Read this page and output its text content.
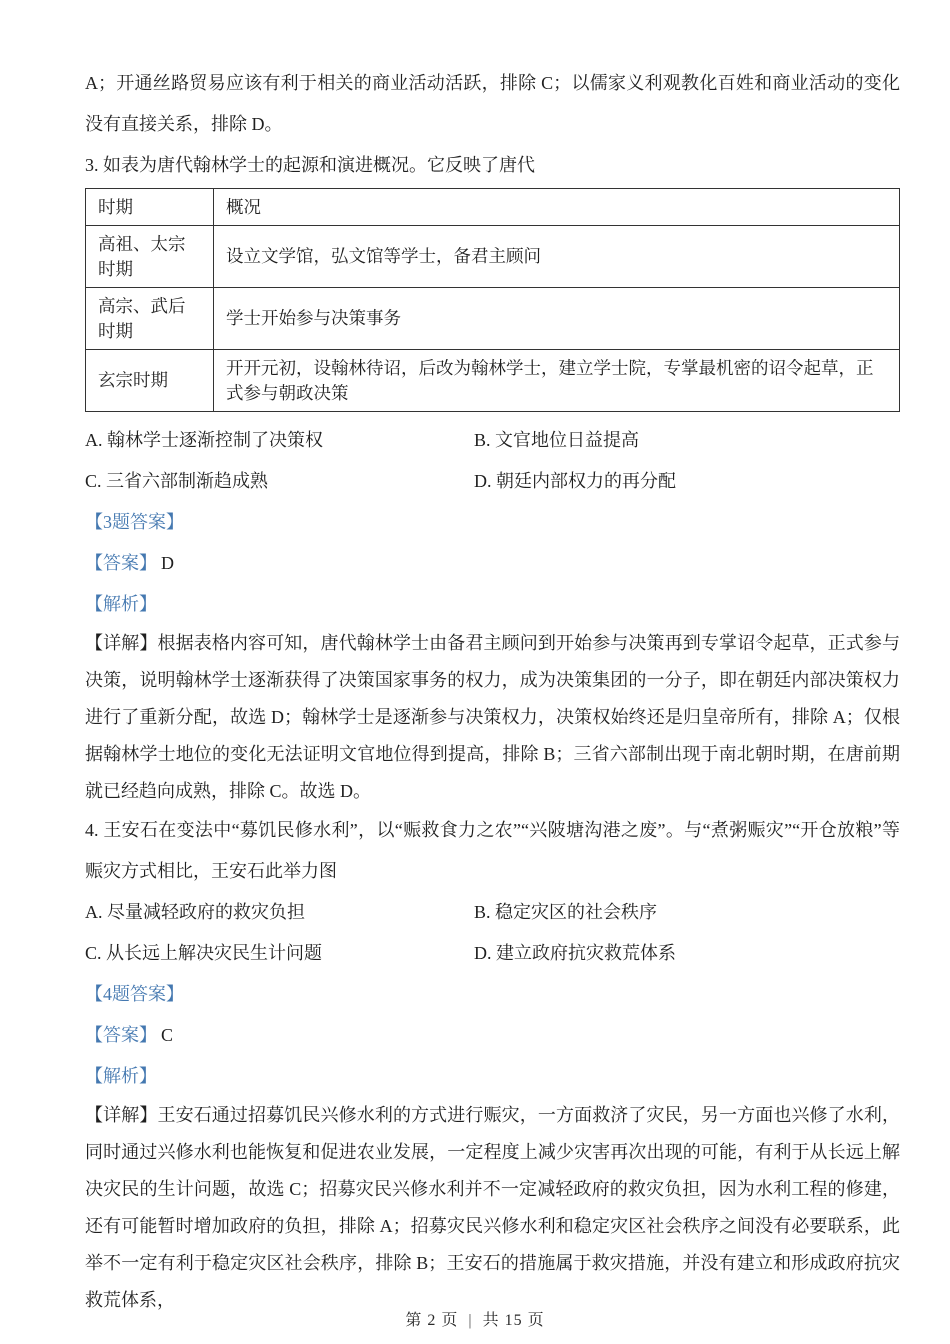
A；开通丝路贸易应该有利于相关的商业活动活跃，排除 C；以儒家义利观教化百姓和商业活动的变化没有直接关系，排除 D。

3. 如表为唐代翰林学士的起源和演进概况。它反映了唐代

时期	概况
高祖、太宗时期	设立文学馆，弘文馆等学士，备君主顾问
高宗、武后时期	学士开始参与决策事务
玄宗时期	开开元初，设翰林待诏，后改为翰林学士，建立学士院，专掌最机密的诏令起草，正式参与朝政决策
A. 翰林学士逐渐控制了决策权	B. 文官地位日益提高
C. 三省六部制渐趋成熟	D. 朝廷内部权力的再分配

【3题答案】

【答案】 D

【解析】

【详解】根据表格内容可知，唐代翰林学士由备君主顾问到开始参与决策再到专掌诏令起草，正式参与决策，说明翰林学士逐渐获得了决策国家事务的权力，成为决策集团的一分子，即在朝廷内部决策权力进行了重新分配，故选 D；翰林学士是逐渐参与决策权力，决策权始终还是归皇帝所有，排除 A；仅根据翰林学士地位的变化无法证明文官地位得到提高，排除 B；三省六部制出现于南北朝时期，在唐前期就已经趋向成熟，排除 C。故选 D。

4. 王安石在变法中“募饥民修水利”，以“赈救食力之农”“兴陂塘沟港之废”。与“煮粥赈灾”“开仓放粮”等赈灾方式相比，王安石此举力图

A. 尽量减轻政府的救灾负担	B. 稳定灾区的社会秩序
C. 从长远上解决灾民生计问题	D. 建立政府抗灾救荒体系

【4题答案】

【答案】 C

【解析】

【详解】王安石通过招募饥民兴修水利的方式进行赈灾，一方面救济了灾民，另一方面也兴修了水利，同时通过兴修水利也能恢复和促进农业发展，一定程度上减少灾害再次出现的可能，有利于从长远上解决灾民的生计问题，故选 C；招募灾民兴修水利并不一定减轻政府的救灾负担，因为水利工程的修建，还有可能暂时增加政府的负担，排除 A；招募灾民兴修水利和稳定灾区社会秩序之间没有必要联系，此举不一定有利于稳定灾区社会秩序，排除 B；王安石的措施属于救灾措施，并没有建立和形成政府抗灾救荒体系，

第 2 页 | 共 15 页
